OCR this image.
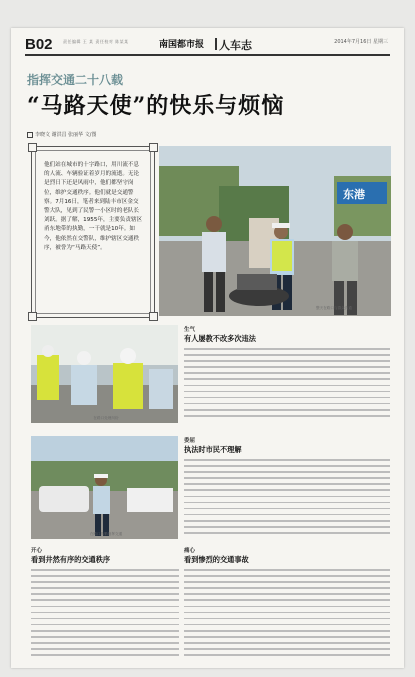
B02	责任编辑 王 某 责任校对 陈某某	南国都市报 人车志	2014年7月16日 星期三
指挥交通二十八载
“马路天使”的快乐与烦恼
李晓文 谢洪昌 张丽华 文/图
他们站在城市的十字路口，用川流不息的人流、车辆验证着岁月的流逝。无论是烈日下还是风雨中，他们都坚守岗位，维护交通秩序。他们就是交通警察。7月16日，笔者来到陆丰市区金交警大队，见到了民警一小区时的老队长刘跃。据了解，1955年，主要负责辖区甬东地带的执勤，一干就是10年。如今，他依然在交警队，维护辖区交通秩序，被誉为“马路天使”。
东港
整天在路口与群众沟通
在路口处理纠纷
在路口执勤指挥交通
生气
有人屡教不改多次违法
委屈
执法时市民不理解
开心
看到井然有序的交通秩序
痛心
看到惨烈的交通事故
